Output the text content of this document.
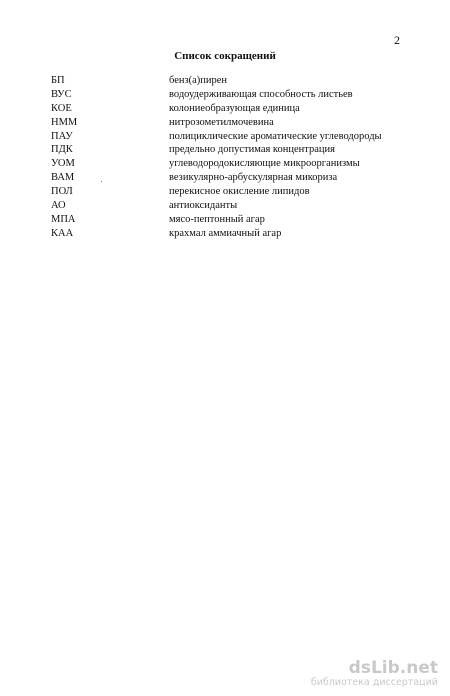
2
Список сокращений
БП	бенз(а)пирен
ВУС	водоудерживающая способность листьев
КОЕ	колониеобразующая единица
НММ	нитрозометилмочевина
ПАУ	полициклические ароматические углеводороды
ПДК	предельно допустимая концентрация
УОМ	углеводородокисляющие микроорганизмы
ВАМ	везикулярно-арбускулярная микориза
ПОЛ	перекисное окисление липидов
АО	антиоксиданты
МПА	мясо-пептонный агар
КАА	крахмал аммиачный агар
dsLib.net
библиотека диссертаций
